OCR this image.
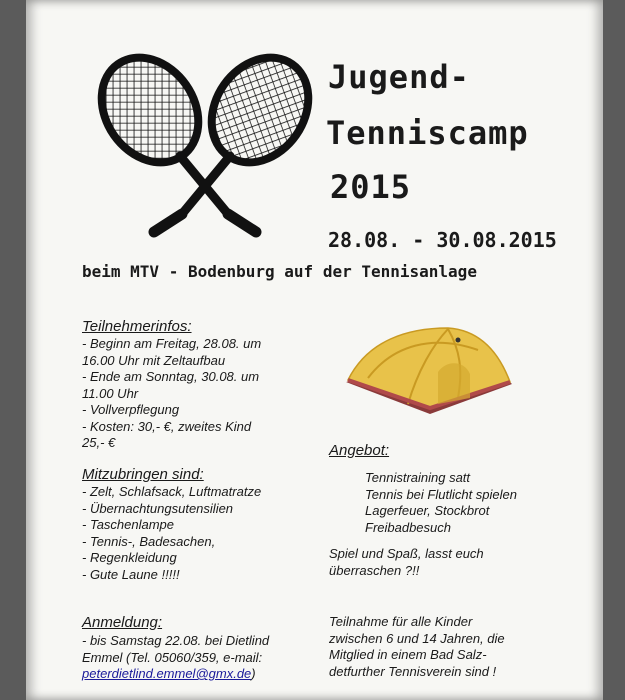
Jugend-
Tenniscamp
2015
28.08. - 30.08.2015
beim MTV - Bodenburg auf der Tennisanlage
Teilnehmerinfos:
- Beginn am Freitag, 28.08. um
16.00 Uhr mit Zeltaufbau
- Ende am Sonntag, 30.08. um
11.00 Uhr
- Vollverpflegung
- Kosten: 30,- €, zweites Kind
25,- €
Mitzubringen sind:
- Zelt, Schlafsack, Luftmatratze
- Übernachtungsutensilien
- Taschenlampe
- Tennis-, Badesachen,
- Regenkleidung
- Gute Laune !!!!!
Anmeldung:
- bis Samstag 22.08. bei Dietlind
Emmel (Tel. 05060/359, e-mail:
peterdietlind.emmel@gmx.de)
Angebot:
Tennistraining satt
Tennis bei Flutlicht spielen
Lagerfeuer, Stockbrot
Freibadbesuch
Spiel und Spaß, lasst euch
überraschen ?!!
Teilnahme für alle Kinder
zwischen 6 und 14 Jahren, die
Mitglied in einem Bad Salz-
detfurther Tennisverein sind !
